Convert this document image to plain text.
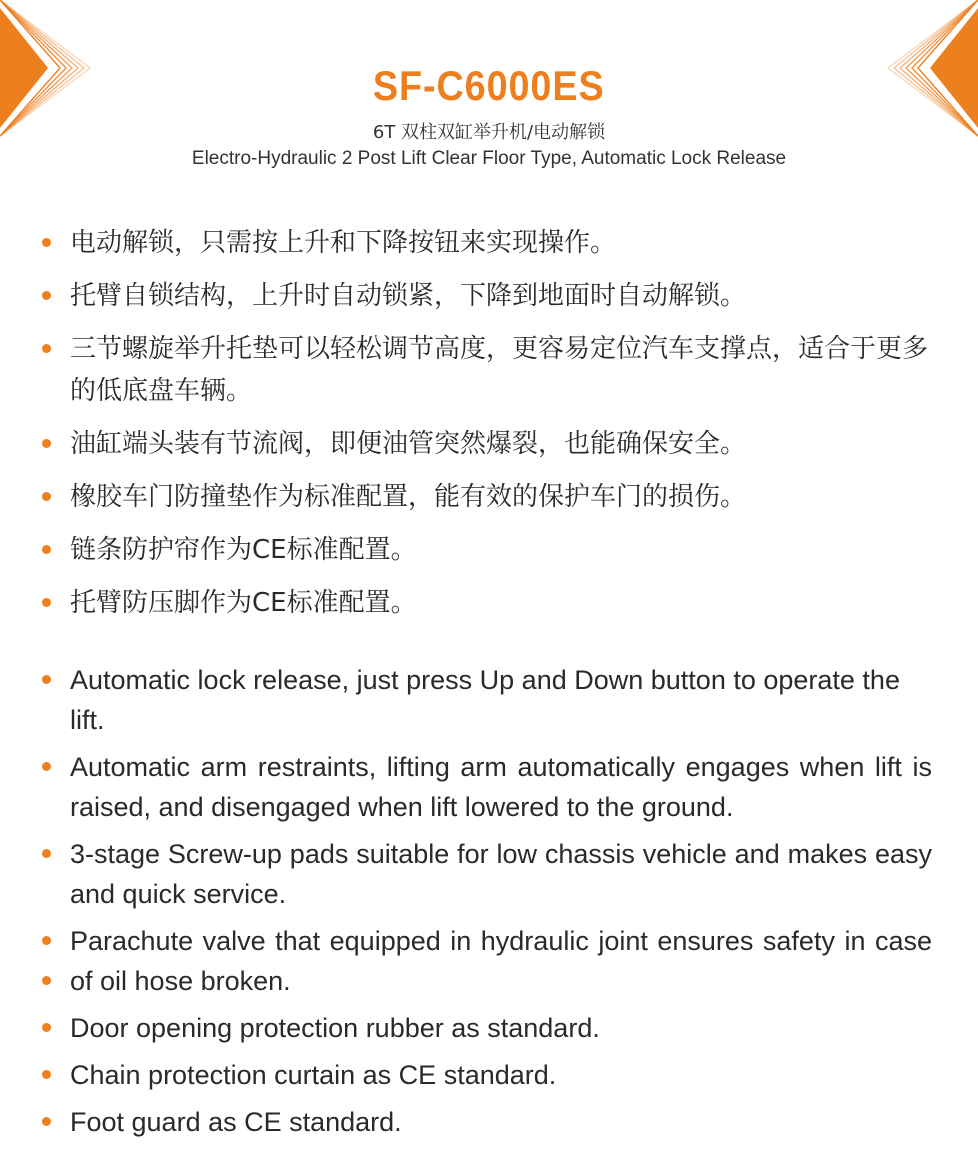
SF-C6000ES
6T 双柱双缸举升机/电动解锁
Electro-Hydraulic 2 Post Lift Clear Floor Type, Automatic Lock Release
电动解锁，只需按上升和下降按钮来实现操作。
托臂自锁结构，上升时自动锁紧，下降到地面时自动解锁。
三节螺旋举升托垫可以轻松调节高度，更容易定位汽车支撑点，适合于更多的低底盘车辆。
油缸端头装有节流阀，即便油管突然爆裂，也能确保安全。
橡胶车门防撞垫作为标准配置，能有效的保护车门的损伤。
链条防护帘作为CE标准配置。
托臂防压脚作为CE标准配置。
Automatic lock release, just press Up and Down button to operate the lift.
Automatic arm restraints, lifting arm automatically engages when lift is raised, and disengaged when lift lowered to the ground.
3-stage Screw-up pads suitable for low chassis vehicle and makes easy and quick service.
Parachute valve that equipped in hydraulic joint ensures safety in case of oil hose broken.
Door opening protection rubber as standard.
Chain protection curtain as CE standard.
Foot guard as CE standard.
